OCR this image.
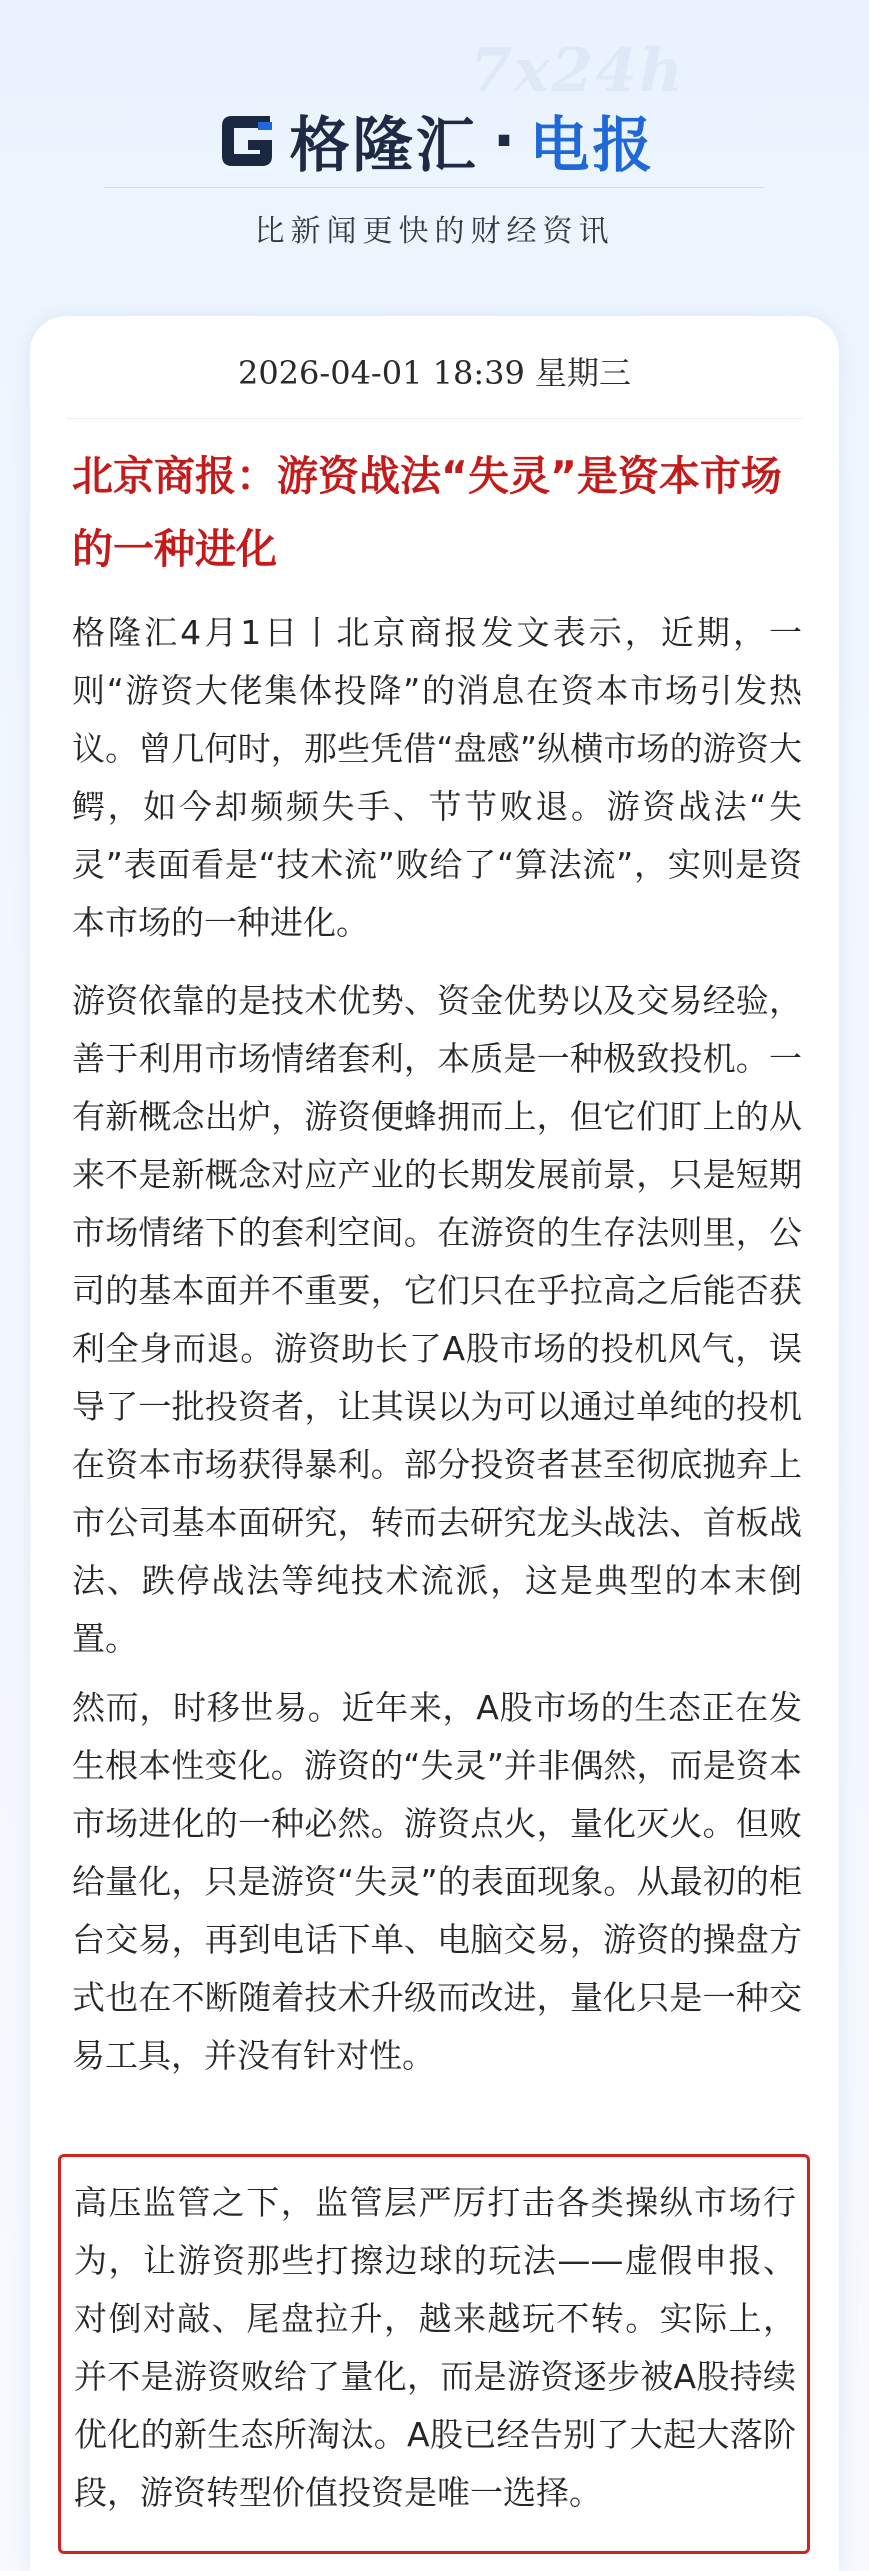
7x24h
格隆汇 · 电报
比新闻更快的财经资讯
2026-04-01 18:39 星期三
北京商报：游资战法“失灵”是资本市场的一种进化

格隆汇4月1日丨北京商报发文表示，近期，一则“游资大佬集体投降”的消息在资本市场引发热议。曾几何时，那些凭借“盘感”纵横市场的游资大鳄，如今却频频失手、节节败退。游资战法“失灵”表面看是“技术流”败给了“算法流”，实则是资本市场的一种进化。

游资依靠的是技术优势、资金优势以及交易经验，善于利用市场情绪套利，本质是一种极致投机。一有新概念出炉，游资便蜂拥而上，但它们盯上的从来不是新概念对应产业的长期发展前景，只是短期市场情绪下的套利空间。在游资的生存法则里，公司的基本面并不重要，它们只在乎拉高之后能否获利全身而退。游资助长了A股市场的投机风气，误导了一批投资者，让其误以为可以通过单纯的投机在资本市场获得暴利。部分投资者甚至彻底抛弃上市公司基本面研究，转而去研究龙头战法、首板战法、跌停战法等纯技术流派，这是典型的本末倒置。

然而，时移世易。近年来，A股市场的生态正在发生根本性变化。游资的“失灵”并非偶然，而是资本市场进化的一种必然。游资点火，量化灭火。但败给量化，只是游资“失灵”的表面现象。从最初的柜台交易，再到电话下单、电脑交易，游资的操盘方式也在不断随着技术升级而改进，量化只是一种交易工具，并没有针对性。

高压监管之下，监管层严厉打击各类操纵市场行为，让游资那些打擦边球的玩法——虚假申报、对倒对敲、尾盘拉升，越来越玩不转。实际上，并不是游资败给了量化，而是游资逐步被A股持续优化的新生态所淘汰。A股已经告别了大起大落阶段，游资转型价值投资是唯一选择。
